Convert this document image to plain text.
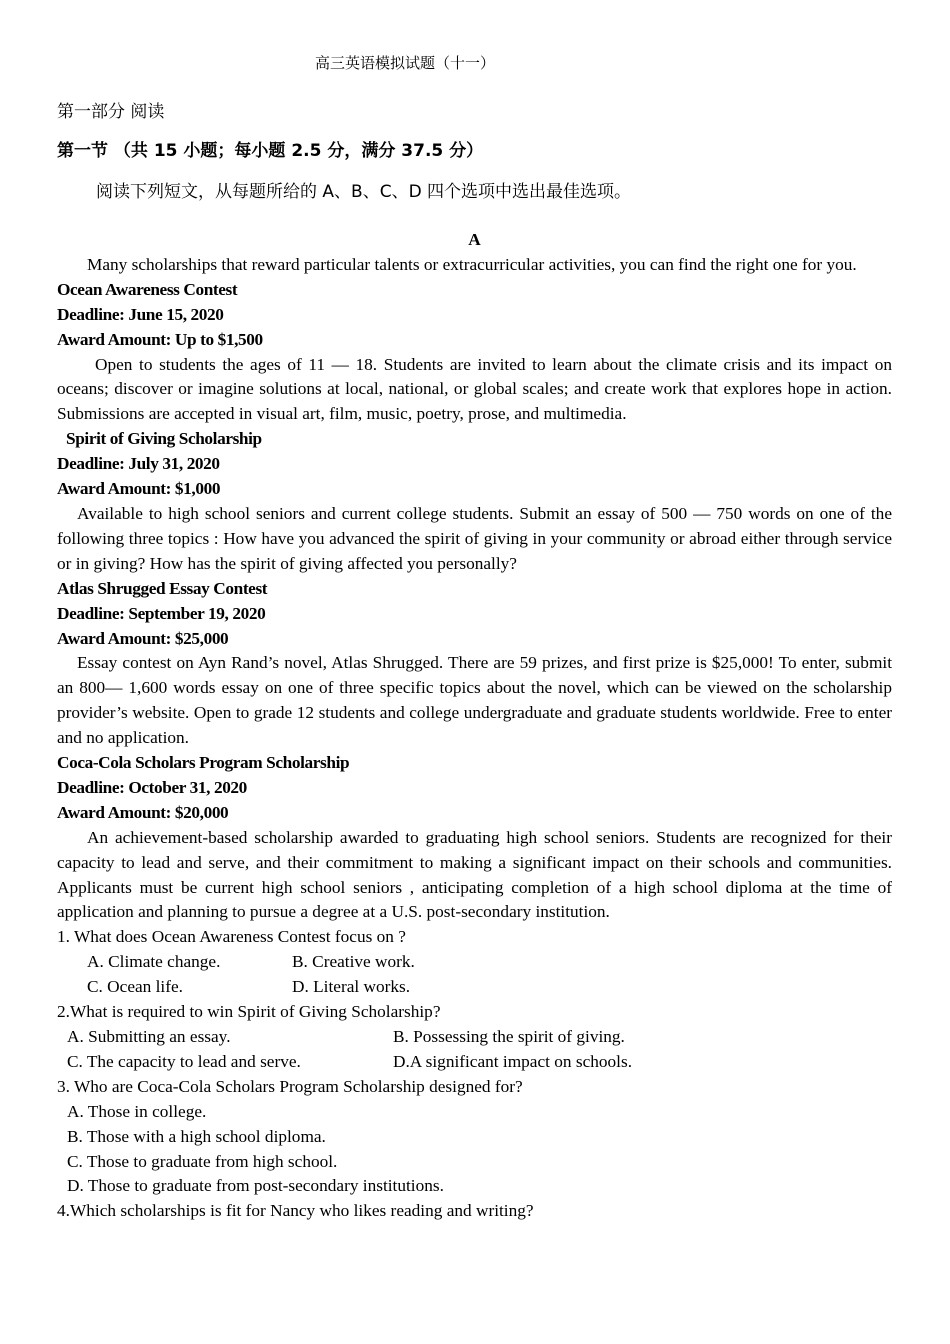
高三英语模拟试题（十一）
第一部分 阅读
第一节 （共 15 小题；每小题 2.5 分，满分 37.5 分）
阅读下列短文，从每题所给的 A、B、C、D 四个选项中选出最佳选项。
A

Many scholarships that reward particular talents or extracurricular activities, you can find the right one for you.

Ocean Awareness Contest
Deadline: June 15, 2020
Award Amount: Up to $1,500

Open to students the ages of 11 — 18. Students are invited to learn about the climate crisis and its impact on oceans; discover or imagine solutions at local, national, or global scales; and create work that explores hope in action. Submissions are accepted in visual art, film, music, poetry, prose, and multimedia.

Spirit of Giving Scholarship
Deadline: July 31, 2020
Award Amount: $1,000

Available to high school seniors and current college students. Submit an essay of 500 — 750 words on one of the following three topics : How have you advanced the spirit of giving in your community or abroad either through service or in giving? How has the spirit of giving affected you personally?

Atlas Shrugged Essay Contest
Deadline: September 19, 2020
Award Amount: $25,000

Essay contest on Ayn Rand’s novel, Atlas Shrugged. There are 59 prizes, and first prize is $25,000! To enter, submit an 800— 1,600 words essay on one of three specific topics about the novel, which can be viewed on the scholarship provider’s website. Open to grade 12 students and college undergraduate and graduate students worldwide. Free to enter and no application.

Coca-Cola Scholars Program Scholarship
Deadline: October 31, 2020
Award Amount: $20,000

An achievement-based scholarship awarded to graduating high school seniors. Students are recognized for their capacity to lead and serve, and their commitment to making a significant impact on their schools and communities. Applicants must be current high school seniors , anticipating completion of a high school diploma at the time of application and planning to pursue a degree at a U.S. post-secondary institution.

1. What does Ocean Awareness Contest focus on ?
A. Climate change.	B. Creative work.
C. Ocean life.	D. Literal works.
2.What is required to win Spirit of Giving Scholarship?
A. Submitting an essay.	B. Possessing the spirit of giving.
C. The capacity to lead and serve.	D.A significant impact on schools.
3. Who are Coca-Cola Scholars Program Scholarship designed for?
A. Those in college.
B. Those with a high school diploma.
C. Those to graduate from high school.
D. Those to graduate from post-secondary institutions.
4.Which scholarships is fit for Nancy who likes reading and writing?
